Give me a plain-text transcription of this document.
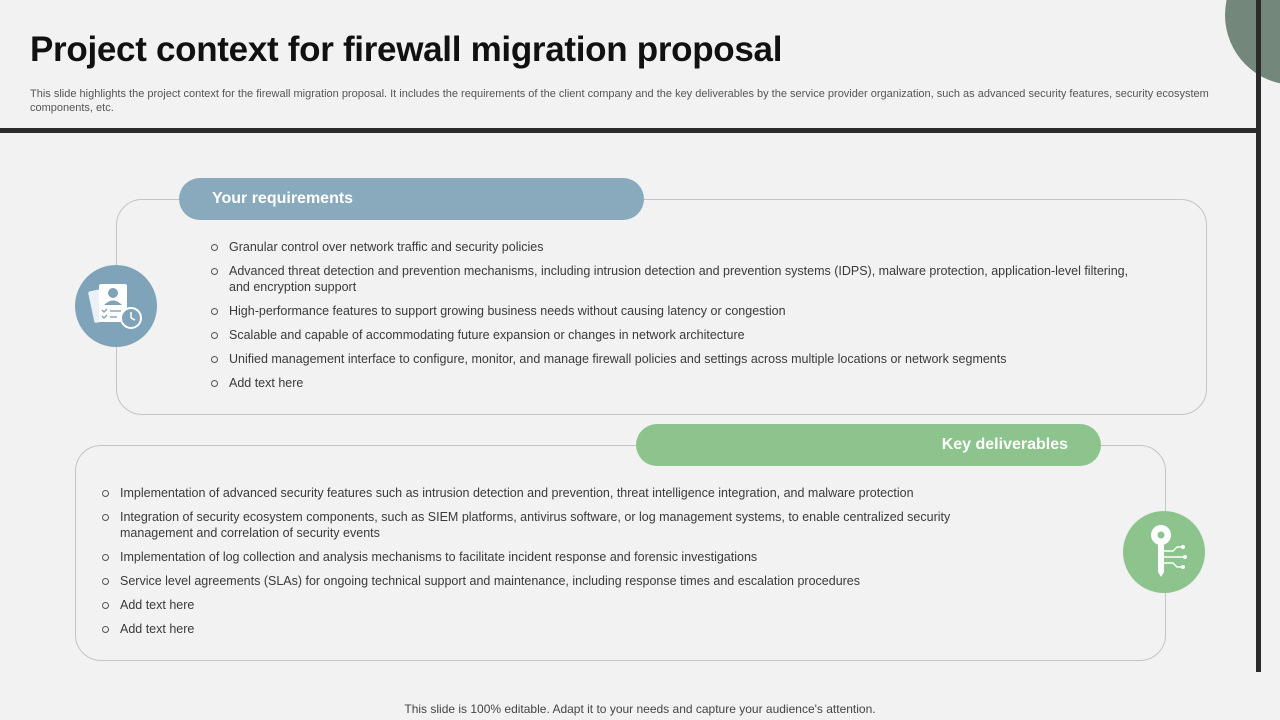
Project context for firewall migration proposal
This slide highlights the project context for the firewall migration proposal. It includes the requirements of the client company and the key deliverables by the service provider organization, such as advanced security features, security ecosystem components, etc.
Your requirements
Granular control over network traffic and security policies
Advanced threat detection and prevention mechanisms, including intrusion detection and prevention systems (IDPS), malware protection, application-level filtering, and encryption support
High-performance features to support growing business needs without causing latency or congestion
Scalable and capable of accommodating future expansion or changes in network architecture
Unified management interface to configure, monitor, and manage firewall policies and settings across multiple locations or network segments
Add text here
Key deliverables
Implementation of advanced security features such as intrusion detection and prevention, threat intelligence integration, and malware protection
Integration of security ecosystem components, such as SIEM platforms, antivirus software, or log management systems, to enable centralized security management and correlation of security events
Implementation of log collection and analysis mechanisms to facilitate incident response and forensic investigations
Service level agreements (SLAs) for ongoing technical support and maintenance, including response times and escalation procedures
Add text here
Add text here
This slide is 100% editable. Adapt it to your needs and capture your audience's attention.
